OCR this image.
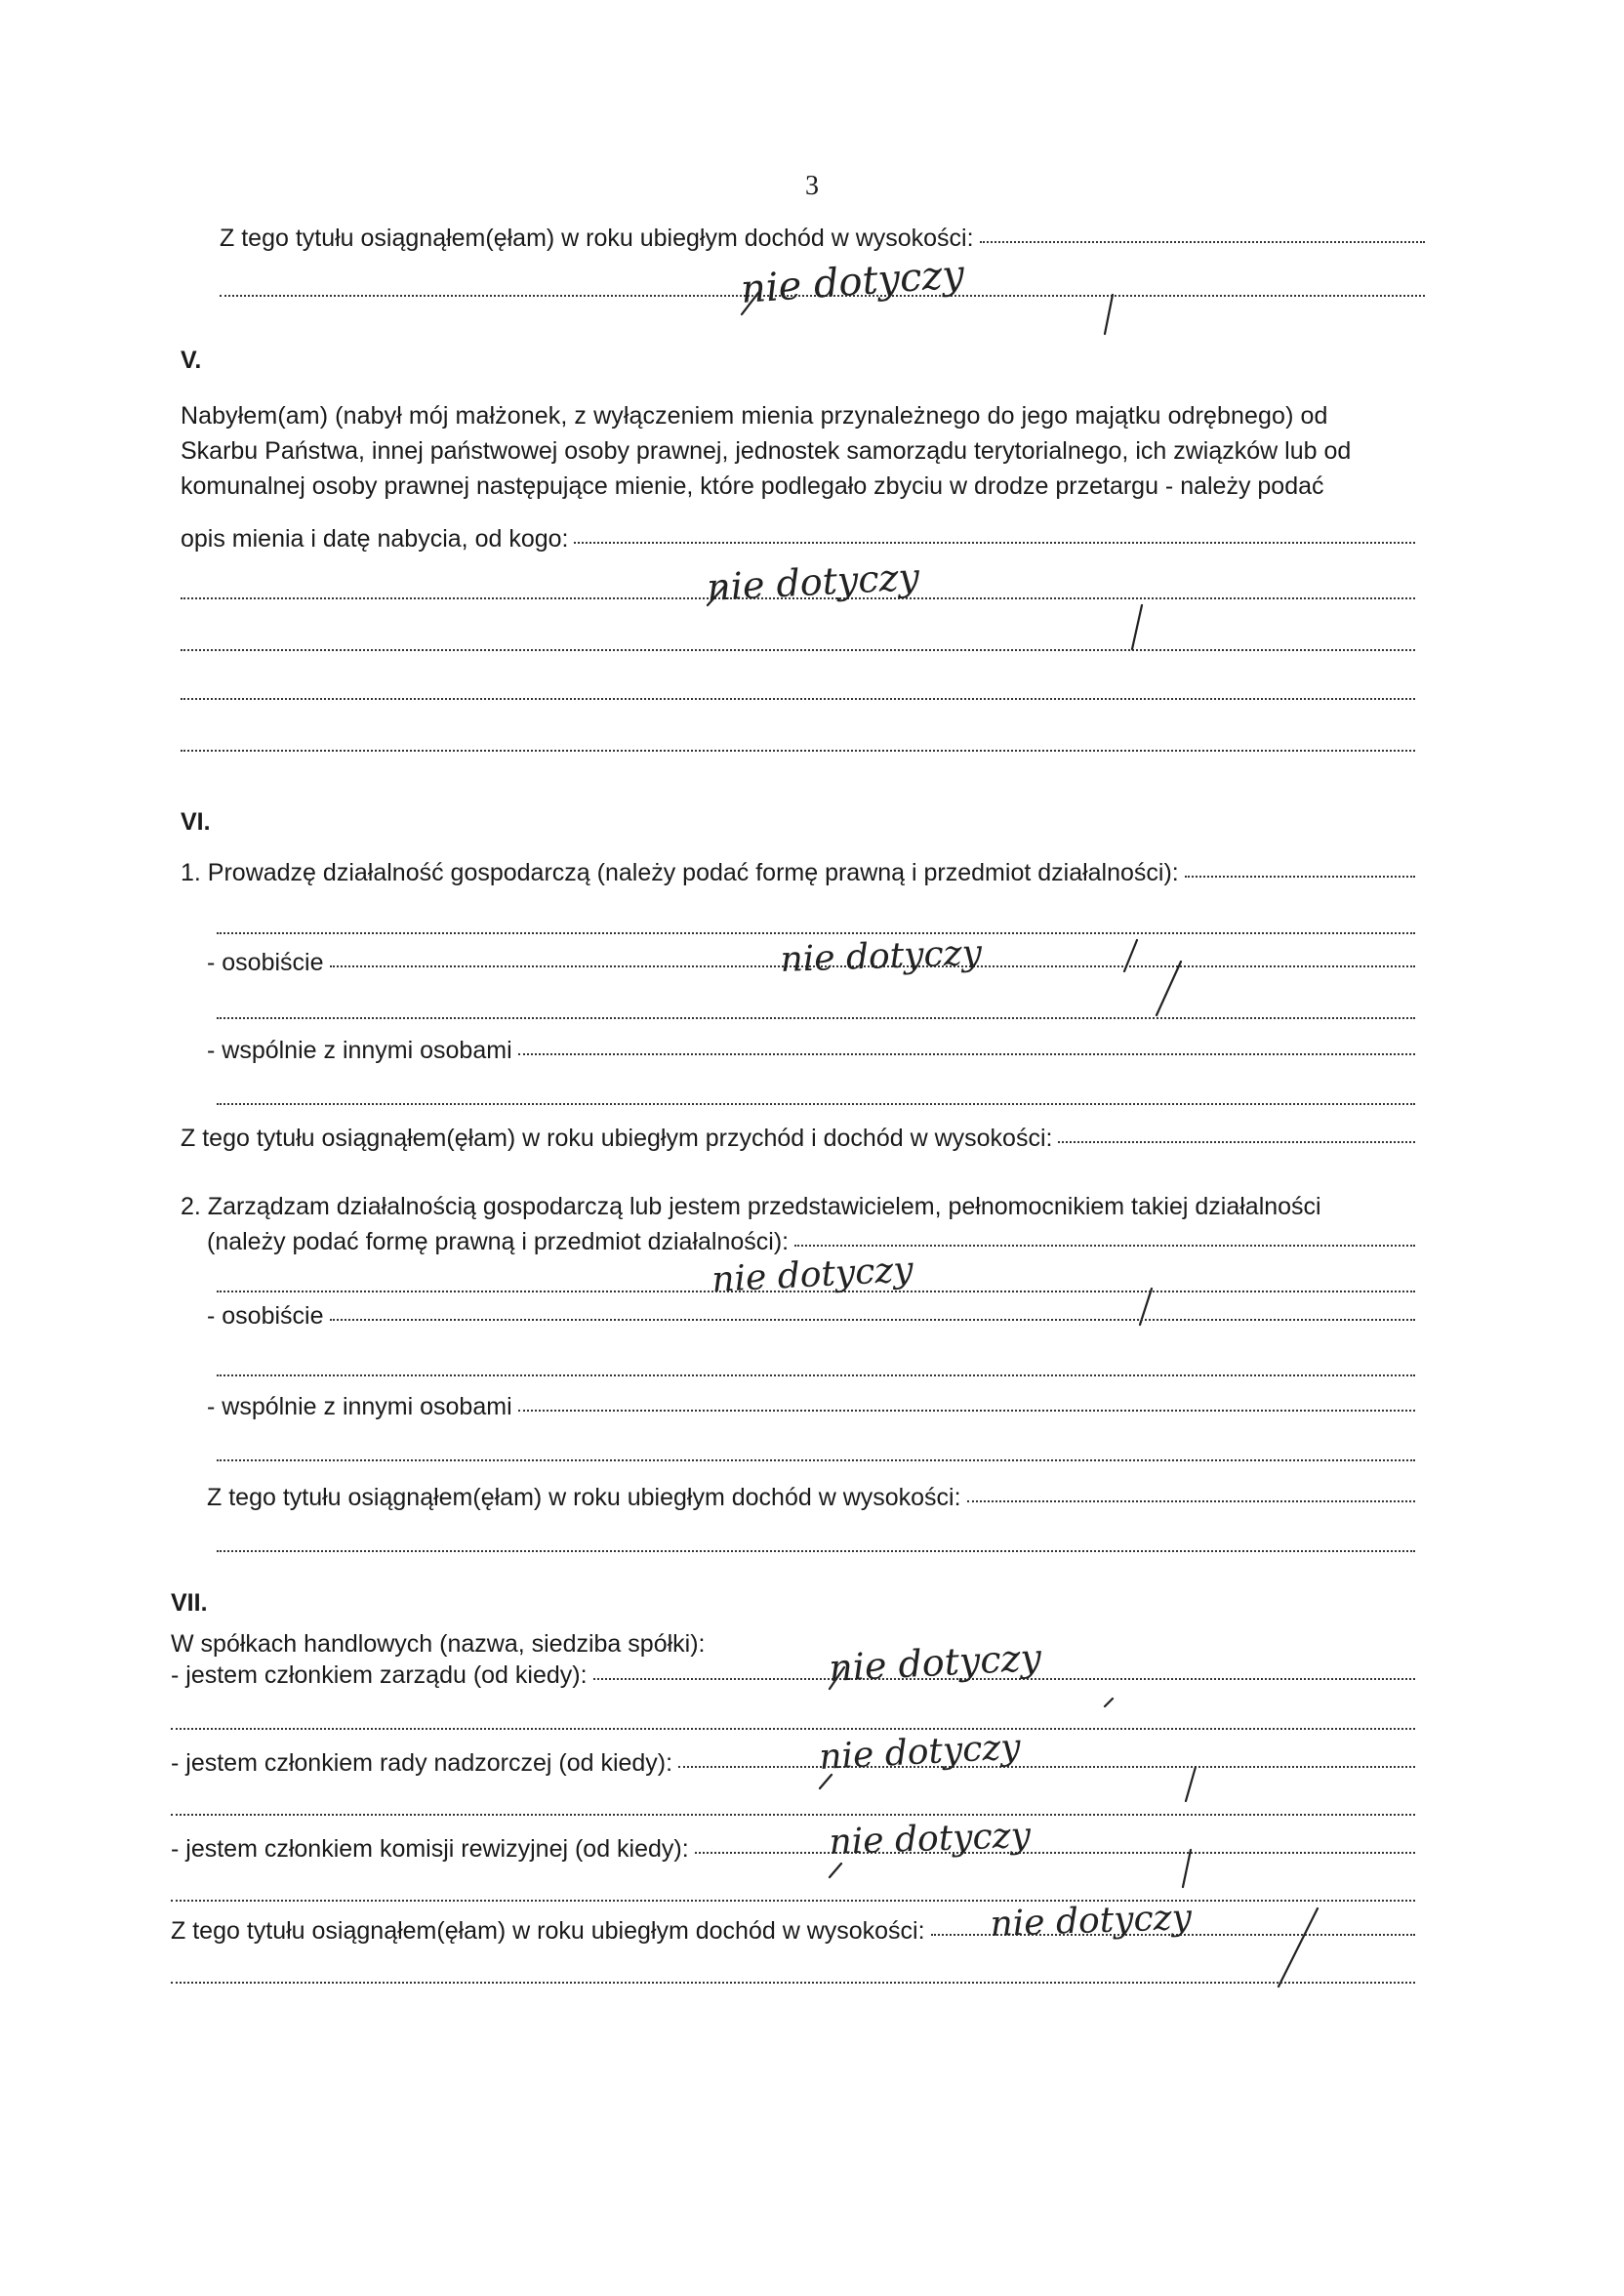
3
Z tego tytułu osiągnąłem(ęłam) w roku ubiegłym dochód w wysokości:
nie dotyczy
V.
Nabyłem(am) (nabył mój małżonek, z wyłączeniem mienia przynależnego do jego majątku odrębnego) od
Skarbu Państwa, innej państwowej osoby prawnej, jednostek samorządu terytorialnego, ich związków lub od
komunalnej osoby prawnej następujące mienie, które podlegało zbyciu w drodze przetargu - należy podać
opis mienia i datę nabycia, od kogo:
nie dotyczy
VI.
1. Prowadzę działalność gospodarczą (należy podać formę prawną i przedmiot działalności):
- osobiście	nie dotyczy
- wspólnie z innymi osobami
Z tego tytułu osiągnąłem(ęłam) w roku ubiegłym przychód i dochód w wysokości:
2. Zarządzam działalnością gospodarczą lub jestem przedstawicielem, pełnomocnikiem takiej działalności
(należy podać formę prawną i przedmiot działalności):
nie dotyczy
- osobiście
- wspólnie z innymi osobami
Z tego tytułu osiągnąłem(ęłam) w roku ubiegłym dochód w wysokości:
VII.
W spółkach handlowych (nazwa, siedziba spółki):
- jestem członkiem zarządu (od kiedy):	nie dotyczy
- jestem członkiem rady nadzorczej (od kiedy):	nie dotyczy
- jestem członkiem komisji rewizyjnej (od kiedy):	nie dotyczy
Z tego tytułu osiągnąłem(ęłam) w roku ubiegłym dochód w wysokości: nie dotyczy
